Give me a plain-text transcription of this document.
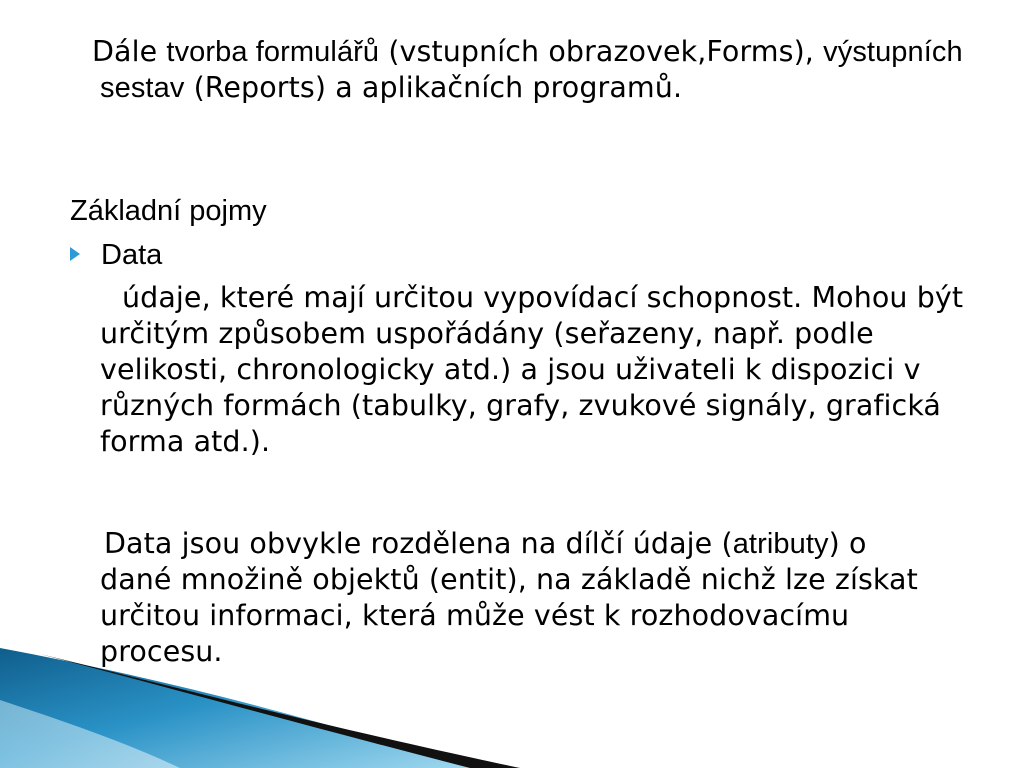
Dále tvorba formulářů (vstupních obrazovek,Forms), výstupních sestav (Reports) a aplikačních programů.
Základní pojmy
Data
údaje, které mají určitou vypovídací schopnost. Mohou být určitým způsobem uspořádány (seřazeny, např. podle velikosti, chronologicky atd.) a jsou uživateli k dispozici v různých formách (tabulky, grafy, zvukové signály, grafická forma atd.).
Data jsou obvykle rozdělena na dílčí údaje (atributy) o dané množině objektů (entit), na základě nichž lze získat určitou informaci, která může vést k rozhodovacímu procesu.
